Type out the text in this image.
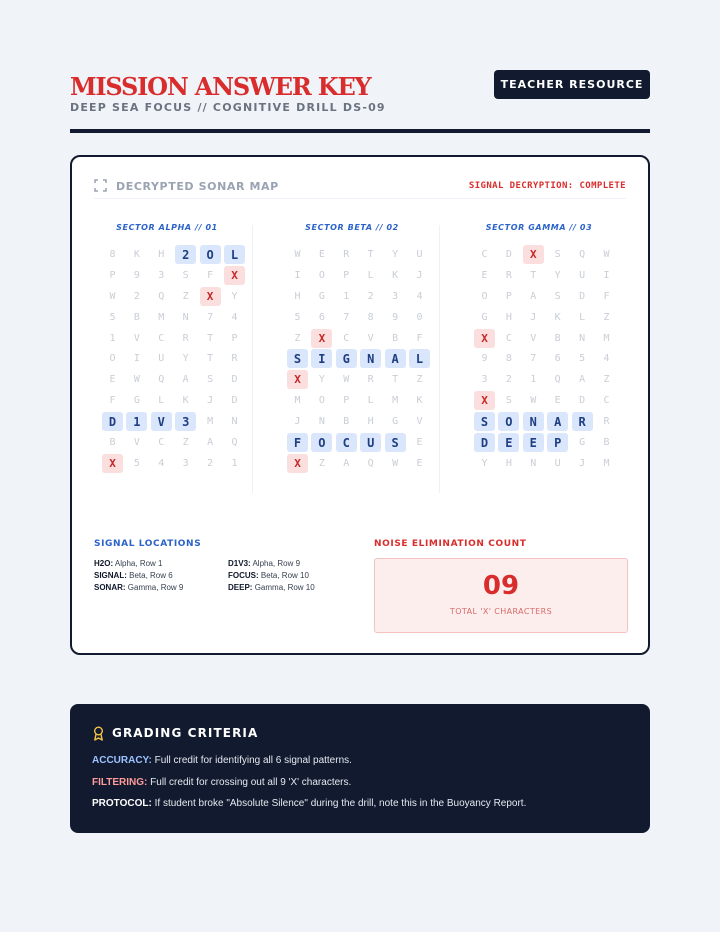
MISSION ANSWER KEY
DEEP SEA FOCUS // COGNITIVE DRILL DS-09
TEACHER RESOURCE
DECRYPTED SONAR MAP	SIGNAL DECRYPTION: COMPLETE
SECTOR ALPHA // 01
8	K	H	2	O	L
P	9	3	S	F	X
W	2	Q	Z	X	Y
5	B	M	N	7	4
1	V	C	R	T	P
O	I	U	Y	T	R
E	W	Q	A	S	D
F	G	L	K	J	D
D	1	V	3	M	N
B	V	C	Z	A	Q
X	5	4	3	2	1
SECTOR BETA // 02
W	E	R	T	Y	U
I	O	P	L	K	J
H	G	1	2	3	4
5	6	7	8	9	0
Z	X	C	V	B	F
S	I	G	N	A	L
X	Y	W	R	T	Z
M	O	P	L	M	K
J	N	B	H	G	V
F	O	C	U	S	E
X	Z	A	Q	W	E
SECTOR GAMMA // 03
C	D	X	S	Q	W
E	R	T	Y	U	I
O	P	A	S	D	F
G	H	J	K	L	Z
X	C	V	B	N	M
9	8	7	6	5	4
3	2	1	Q	A	Z
X	S	W	E	D	C
S	O	N	A	R	R
D	E	E	P	G	B
Y	H	N	U	J	M
SIGNAL LOCATIONS
H2O: Alpha, Row 1
SIGNAL: Beta, Row 6
SONAR: Gamma, Row 9
D1V3: Alpha, Row 9
FOCUS: Beta, Row 10
DEEP: Gamma, Row 10
NOISE ELIMINATION COUNT
09
TOTAL 'X' CHARACTERS
GRADING CRITERIA
ACCURACY: Full credit for identifying all 6 signal patterns.
FILTERING: Full credit for crossing out all 9 'X' characters.
PROTOCOL: If student broke "Absolute Silence" during the drill, note this in the Buoyancy Report.
